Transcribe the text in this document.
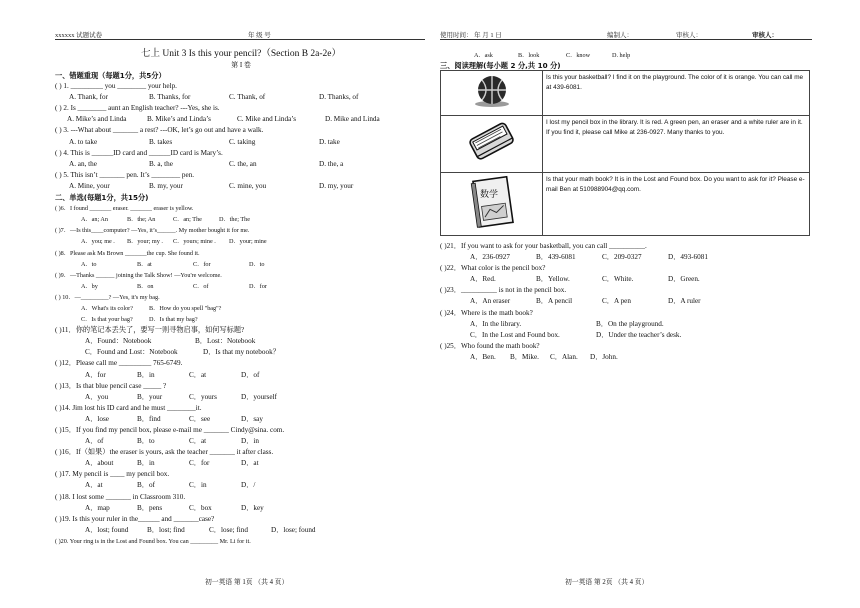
xxxxxx 试题试卷	年 级 号	使用时间： 年 月 1 日	编制人：	审核人：	审核人：
七上 Unit 3 Is this your pencil?（Section B 2a-2e）
第 I 卷
一、错题重现（每题1分，共5分）
( ) 1. _________ you ________ your help.
A. Thank, for	B. Thanks, for	C. Thank, of	D. Thanks, of
( ) 2. Is ________ aunt an English teacher? ---Yes, she is.
A. Mike’s and Linda	B. Mike’s and Linda’s	C. Mike and Linda’s	D. Mike and Linda
( ) 3. ---What about _______ a rest? ---OK, let’s go out and have a walk.
A. to take	B. takes	C. taking	D. take
( ) 4. This is ______ID card and ______ID card is Mary’s.
A. an, the	B. a, the	C. the, an	D. the, a
( ) 5. This isn’t _______ pen. It’s ________ pen.
A. Mine, your	B. my, your	C. mine, you	D. my, your
二、单选(每题1分，共15分)
( )6．I found _______ eraser. _______ eraser is yellow.
A．an; An	B．the; An	C．an; The	D．the; The
( )7．—Is this____computer? —Yes, it’s______. My mother bought it for me.
A．you; me .	B．your; my .	C．yours; mine .	D．your; mine
( )8．Please ask Ms Brown _______the cup. She found it.
A．to	B．at	C．for	D．to
( )9．—Thanks ______ joining the Talk Show! —You're welcome.
A．by	B．on	C．of	D．for
( ) 10．—_________? —Yes, it's my bag.
A．What's its color?	B．How do you spell "bag"?
C．Is that your bag?	D．Is that my bag?
( )11．你的笔记本丢失了，要写一则寻物启事，如何写标题?
A．Found：Notebook	B．Lost：Notebook
C．Found and Lost：Notebook	D．Is that my notebook？
( )12．Please call me _________ 765-6749.
A．for	B．in	C．at	D．of
( )13．Is that blue pencil case _____ ?
A．you	B．your	C．yours	D．yourself
( )14. Jim lost his ID card and he must ________it.
A．lose	B．find	C．see	D．say
( )15．If you find my pencil box, please e-mail me _______ Cindy@sina. com.
A．of	B．to	C．at	D．in
( )16．If（如果）the eraser is yours, ask the teacher _______ it after class.
A．about	B．in	C．for	D．at
( )17. My pencil is ____ my pencil box.
A．at	B．of	C．in	D．/
( )18. I lost some _______ in Classroom 310.
A．map	B．pens	C．box	D．key
( )19. Is this your ruler in the______ and _______case?
A．lost; found	B．lost; find	C．lose; find	D．lose; found
( )20. Your ring is in the Lost and Found box. You can _________ Mr. Li for it.
A．ask	B．look	C．know	D. help
三、阅读理解(每小题 2 分,共 10 分)
	Is this your basketball? I find it on the playground. The color of it is orange. You can call me at 439-6081.
	I lost my pencil box in the library. It is red. A green pen, an eraser and a white ruler are in it. If you find it, please call Mike at 236-0927. Many thanks to you.

数学	Is that your math book? It is in the Lost and Found box. Do you want to ask for it? Please e-mail Ben at 510988904@qq.com.
( )21．If you want to ask for your basketball, you can call __________.
A．236-0927	B．439-6081	C．209-0327	D．493-6081
( )22．What color is the pencil box?
A．Red.	B．Yellow.	C．White.	D．Green.
( )23．__________ is not in the pencil box.
A．An eraser	B．A pencil	C．A pen	D．A ruler
( )24．Where is the math book?
A．In the library.	B．On the playground.
C．In the Lost and Found box.	D．Under the teacher’s desk.
( )25．Who found the math book?
A．Ben.	B．Mike.	C．Alan.	D．John.
初一英语 第 1页 （共 4 页）	初一英语 第 2页 （共 4 页）
